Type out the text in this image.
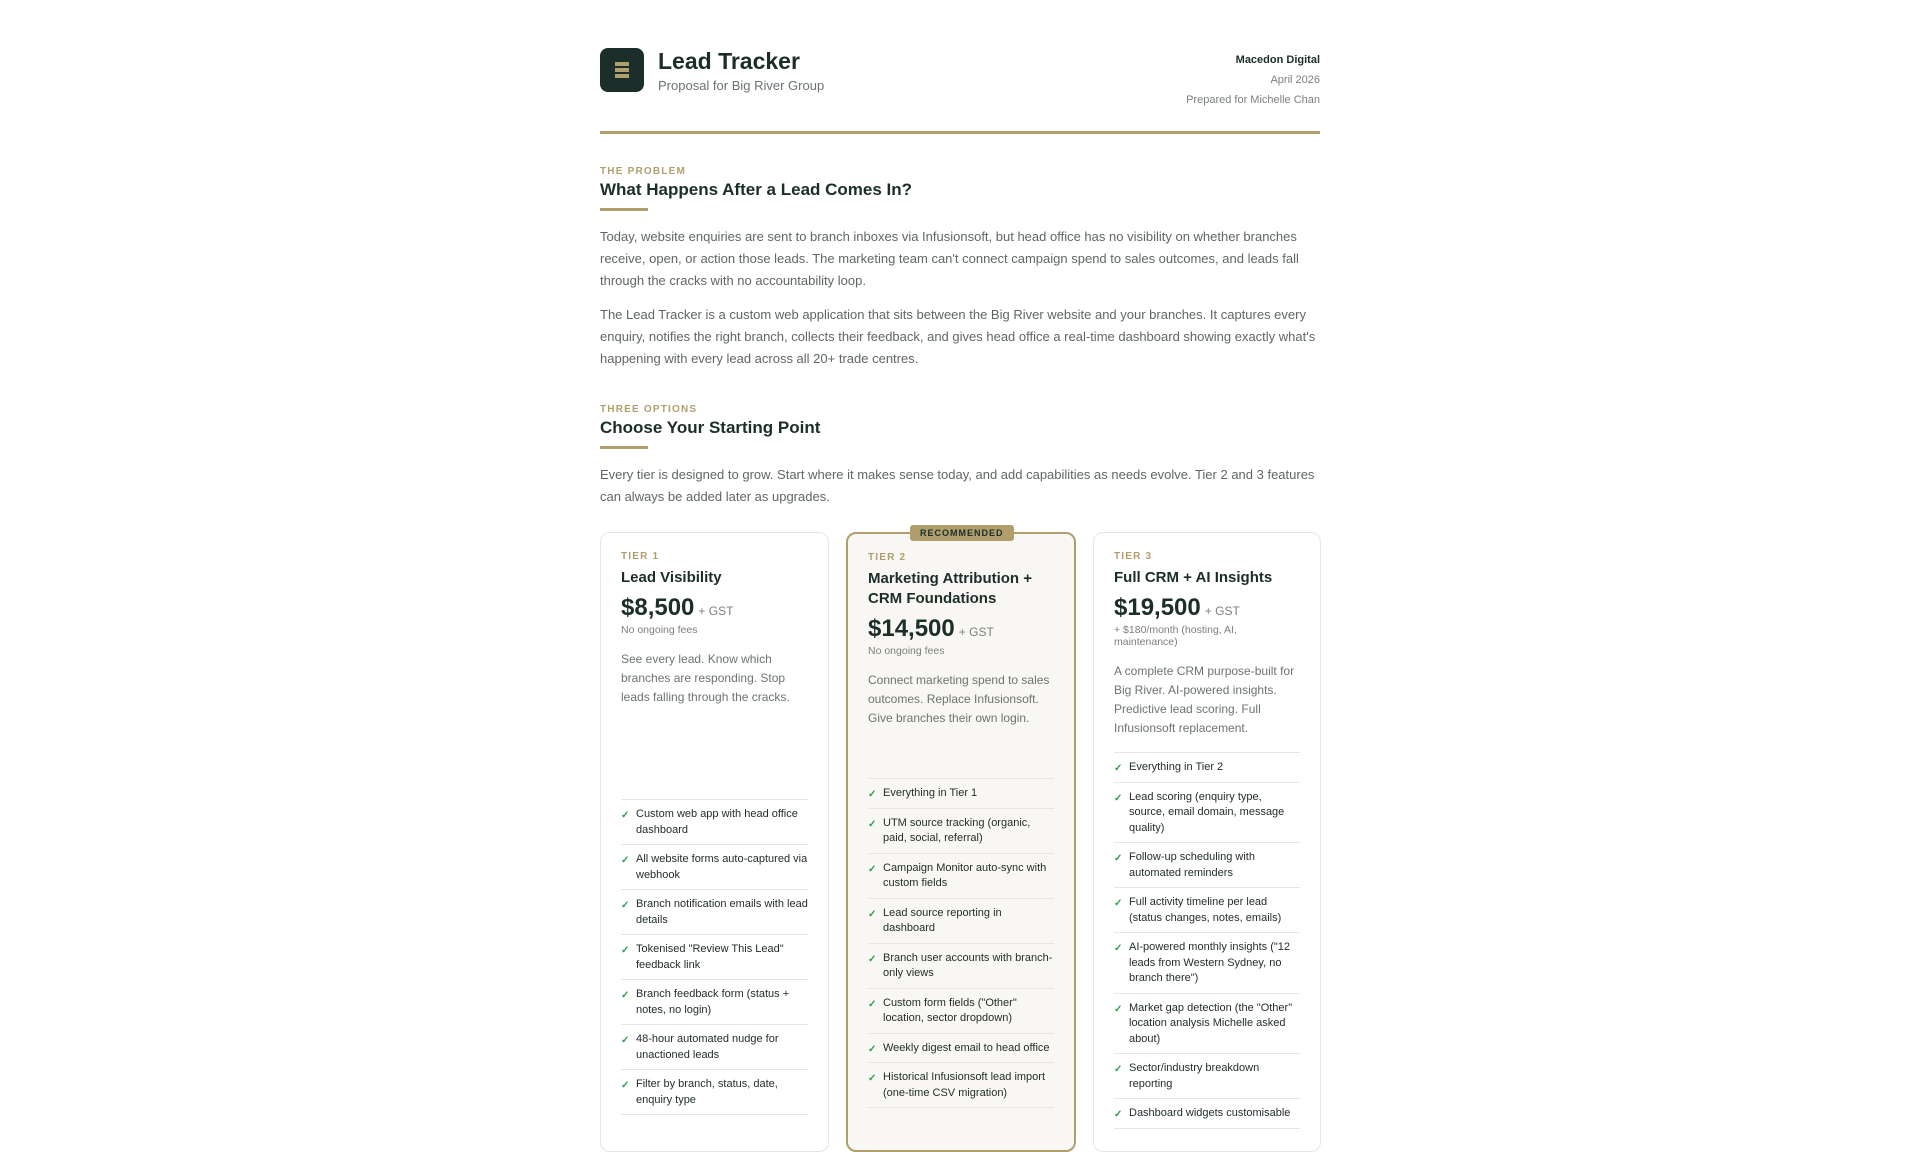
Lead Tracker
Proposal for Big River Group
Macedon Digital
April 2026
Prepared for Michelle Chan
THE PROBLEM
What Happens After a Lead Comes In?

Today, website enquiries are sent to branch inboxes via Infusionsoft, but head office has no visibility on whether branches receive, open, or action those leads. The marketing team can't connect campaign spend to sales outcomes, and leads fall through the cracks with no accountability loop.

The Lead Tracker is a custom web application that sits between the Big River website and your branches. It captures every enquiry, notifies the right branch, collects their feedback, and gives head office a real-time dashboard showing exactly what's happening with every lead across all 20+ trade centres.

THREE OPTIONS
Choose Your Starting Point

Every tier is designed to grow. Start where it makes sense today, and add capabilities as needs evolve. Tier 2 and 3 features can always be added later as upgrades.

TIER 1
Lead Visibility
$8,500 + GST
No ongoing fees
See every lead. Know which branches are responding. Stop leads falling through the cracks.
✓ Custom web app with head office dashboard
✓ All website forms auto-captured via webhook
✓ Branch notification emails with lead details
✓ Tokenised "Review This Lead" feedback link
✓ Branch feedback form (status + notes, no login)
✓ 48-hour automated nudge for unactioned leads
✓ Filter by branch, status, date, enquiry type
RECOMMENDED
TIER 2
Marketing Attribution + CRM Foundations
$14,500 + GST
No ongoing fees
Connect marketing spend to sales outcomes. Replace Infusionsoft. Give branches their own login.
✓ Everything in Tier 1
✓ UTM source tracking (organic, paid, social, referral)
✓ Campaign Monitor auto-sync with custom fields
✓ Lead source reporting in dashboard
✓ Branch user accounts with branch-only views
✓ Custom form fields ("Other" location, sector dropdown)
✓ Weekly digest email to head office
✓ Historical Infusionsoft lead import (one-time CSV migration)
TIER 3
Full CRM + AI Insights
$19,500 + GST
+ $180/month (hosting, AI, maintenance)
A complete CRM purpose-built for Big River. AI-powered insights. Predictive lead scoring. Full Infusionsoft replacement.
✓ Everything in Tier 2
✓ Lead scoring (enquiry type, source, email domain, message quality)
✓ Follow-up scheduling with automated reminders
✓ Full activity timeline per lead (status changes, notes, emails)
✓ AI-powered monthly insights ("12 leads from Western Sydney, no branch there")
✓ Market gap detection (the "Other" location analysis Michelle asked about)
✓ Sector/industry breakdown reporting
✓ Dashboard widgets customisable
